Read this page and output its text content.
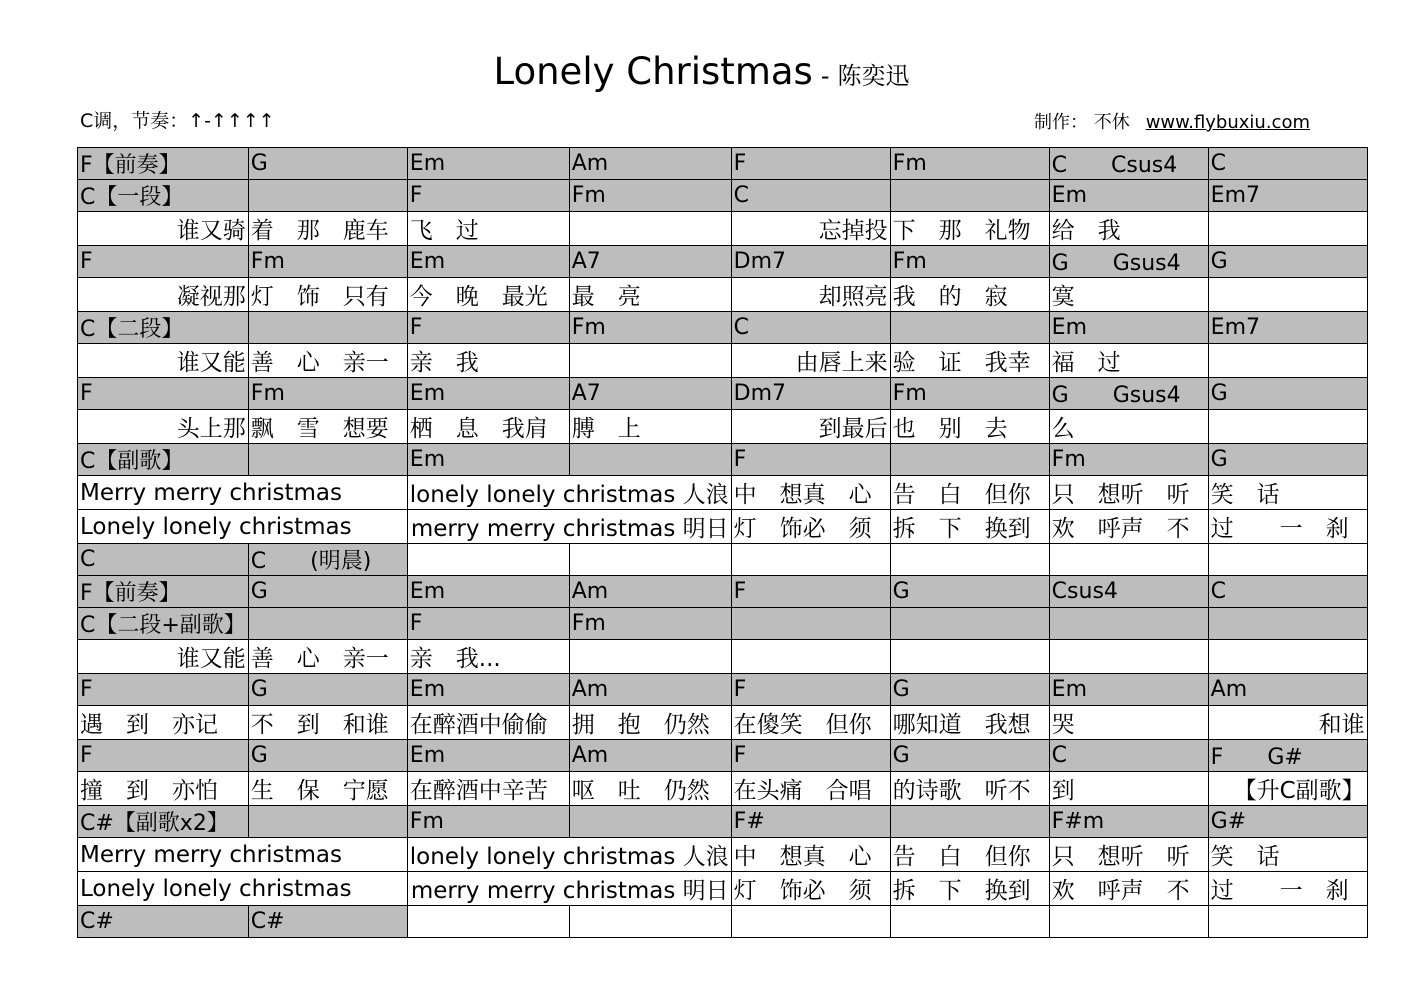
Lonely Christmas - 陈奕迅
C调，节奏：↑-↑↑↑↑	制作： 不休 www.flybuxiu.com
F【前奏】	G	Em	Am	F	Fm	C　　Csus4	C
C【一段】		F	Fm	C		Em	Em7
谁又骑	着　那　鹿车	飞　过		忘掉投	下　那　礼物	给　我	
F	Fm	Em	A7	Dm7	Fm	G　　Gsus4	G
凝视那	灯　饰　只有	今　晚　最光	最　亮	却照亮	我　的　寂	寞	
C【二段】		F	Fm	C		Em	Em7
谁又能	善　心　亲一	亲　我		由唇上来	验　证　我幸	福　过	
F	Fm	Em	A7	Dm7	Fm	G　　Gsus4	G
头上那	飘　雪　想要	栖　息　我肩	膊　上	到最后	也　别　去	么	
C【副歌】		Em		F		Fm	G
Merry merry christmas		lonely lonely christmas 人浪		中　想真　心	告　白　但你	只　想听　听	笑　话
Lonely lonely christmas		merry merry christmas 明日		灯　饰必　须	拆　下　换到	欢　呼声　不	过　　一　刹
C	C　　(明晨)						
F【前奏】	G	Em	Am	F	G	Csus4	C
C【二段+副歌】		F	Fm				
谁又能	善　心　亲一	亲　我...					
F	G	Em	Am	F	G	Em	Am
遇　到　亦记	不　到　和谁	在醉酒中偷偷	拥　抱　仍然	在傻笑　但你	哪知道　我想	哭	和谁
F	G	Em	Am	F	G	C	F　　G#
撞　到　亦怕	生　保　宁愿	在醉酒中辛苦	呕　吐　仍然	在头痛　合唱	的诗歌　听不	到	【升C副歌】
C#【副歌x2】		Fm		F#		F#m	G#
Merry merry christmas		lonely lonely christmas 人浪		中　想真　心	告　白　但你	只　想听　听	笑　话
Lonely lonely christmas		merry merry christmas 明日		灯　饰必　须	拆　下　换到	欢　呼声　不	过　　一　刹
C#	C#						
